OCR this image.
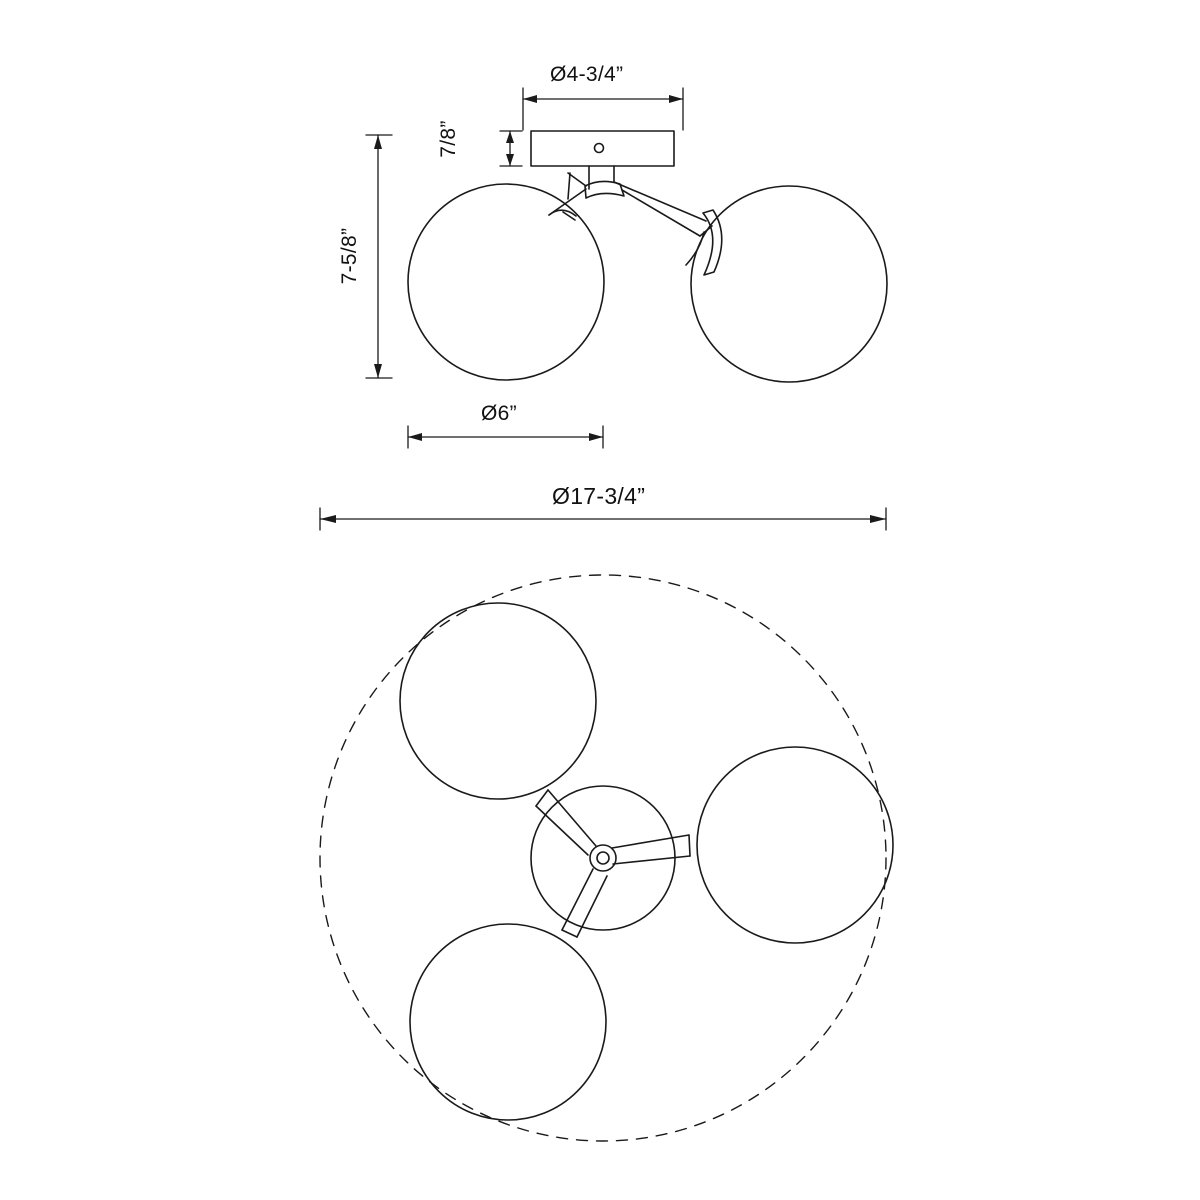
Ø4-3/4”
7/8”
7-5/8”
Ø6”
Ø17-3/4”
